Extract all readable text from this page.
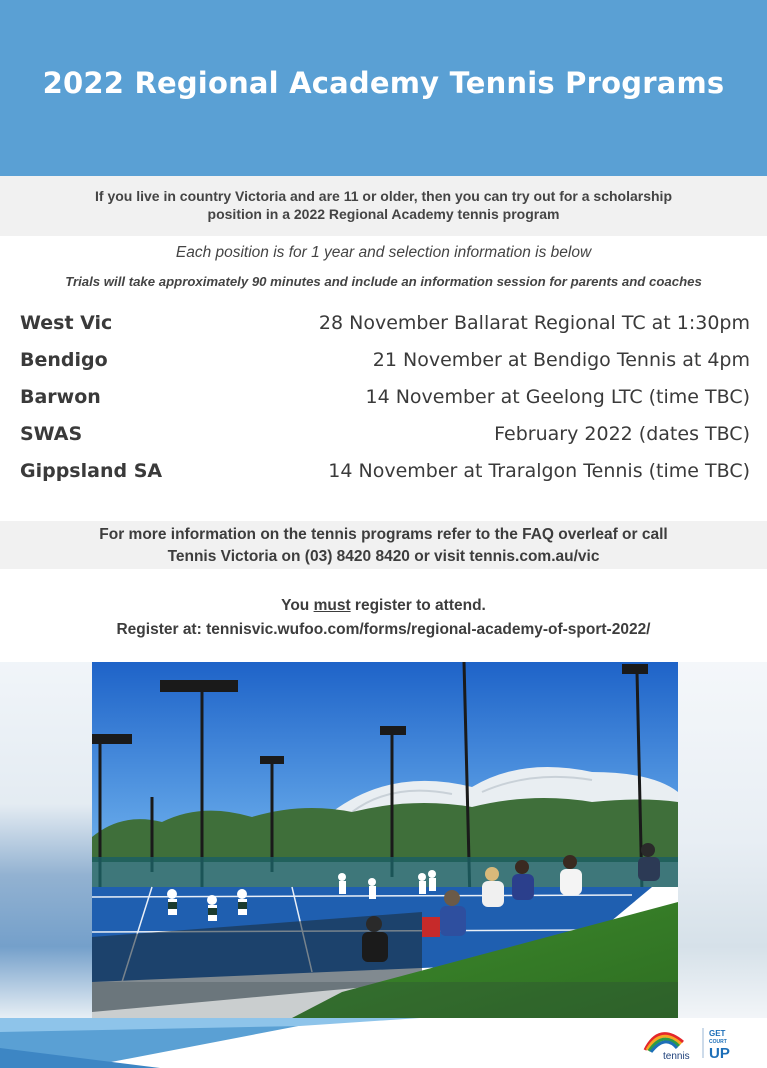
2022 Regional Academy Tennis Programs
If you live in country Victoria and are 11 or older, then you can try out for a scholarship
position in a 2022 Regional Academy tennis program
Each position is for 1 year and selection information is below
Trials will take approximately 90 minutes and include an information session for parents and coaches
West Vic	28 November Ballarat Regional TC at 1:30pm
Bendigo	21 November at Bendigo Tennis at 4pm
Barwon	14 November at Geelong LTC (time TBC)
SWAS	February 2022 (dates TBC)
Gippsland SA	14 November at Traralgon Tennis (time TBC)
For more information on the tennis programs refer to the FAQ overleaf or call
Tennis Victoria on (03) 8420 8420 or visit tennis.com.au/vic
You must register to attend.
Register at: tennisvic.wufoo.com/forms/regional-academy-of-sport-2022/
tennis
GET
COURT
UP
